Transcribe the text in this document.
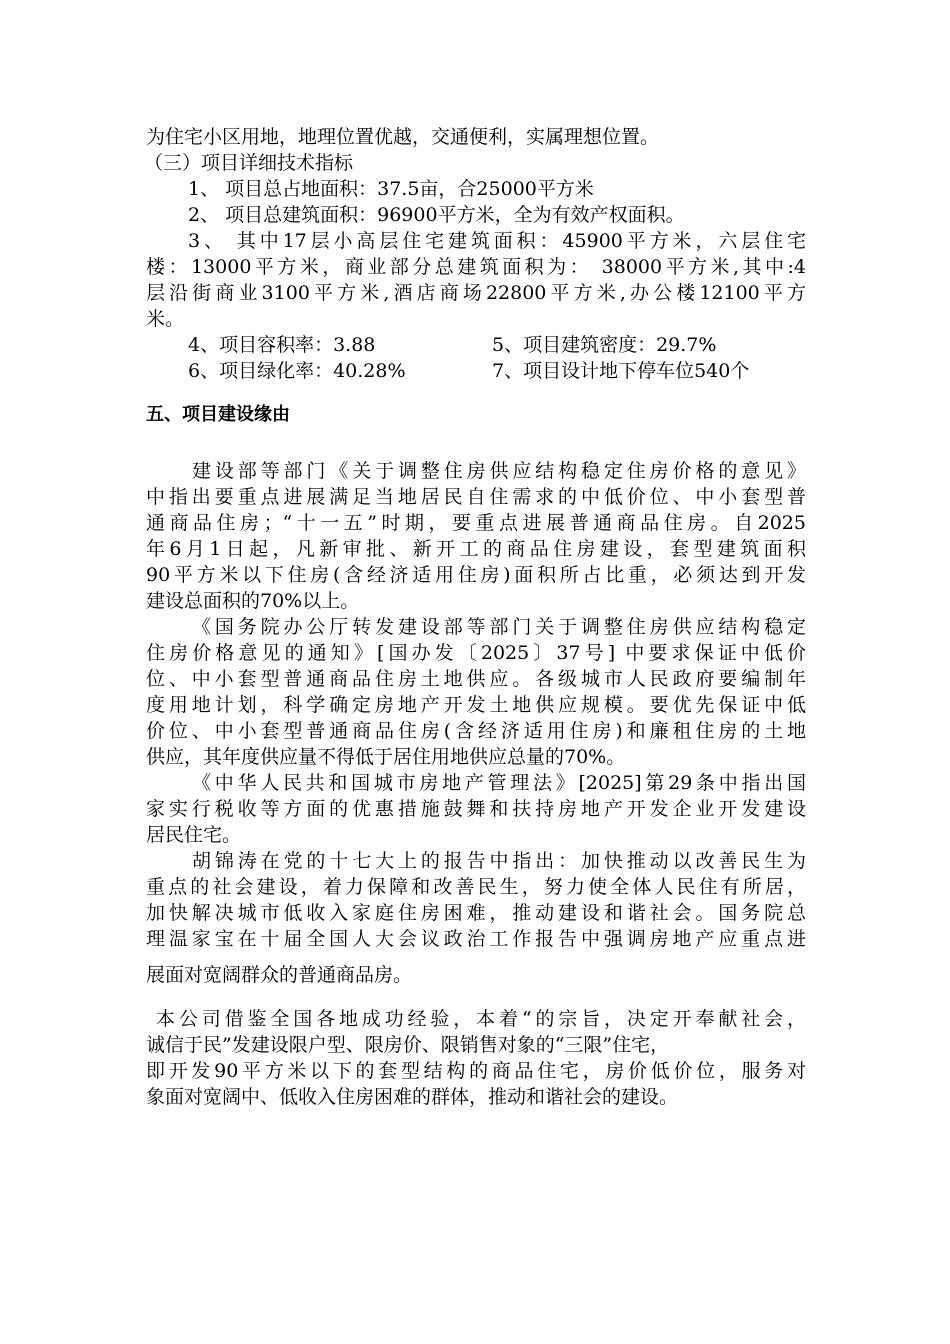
为住宅小区用地，地理位置优越，交通便利，实属理想位置。
（三）项目详细技术指标
1、 项目总占地面积：37.5亩，合25000平方米
2、 项目总建筑面积：96900平方米，全为有效产权面积。
3、 其中17层小高层住宅建筑面积：45900平方米，六层住宅
楼：13000平方米，商业部分总建筑面积为： 38000平方米,其中:4
层沿街商业3100平方米,酒店商场22800平方米,办公楼12100平方
米。
4、项目容积率：3.88	5、项目建筑密度：29.7%
6、项目绿化率：40.28%	7、项目设计地下停车位540个
五、项目建设缘由
建设部等部门《关于调整住房供应结构稳定住房价格的意见》
中指出要重点进展满足当地居民自住需求的中低价位、中小套型普
通商品住房；“十一五”时期，要重点进展普通商品住房。自2025
年6月1日起，凡新审批、新开工的商品住房建设，套型建筑面积
90平方米以下住房(含经济适用住房)面积所占比重，必须达到开发
建设总面积的70%以上。
《国务院办公厅转发建设部等部门关于调整住房供应结构稳定
住房价格意见的通知》[国办发〔2025〕37号] 中要求保证中低价
位、中小套型普通商品住房土地供应。各级城市人民政府要编制年
度用地计划，科学确定房地产开发土地供应规模。要优先保证中低
价位、中小套型普通商品住房(含经济适用住房)和廉租住房的土地
供应，其年度供应量不得低于居住用地供应总量的70%。
《中华人民共和国城市房地产管理法》[2025]第29条中指出国
家实行税收等方面的优惠措施鼓舞和扶持房地产开发企业开发建设
居民住宅。
胡锦涛在党的十七大上的报告中指出：加快推动以改善民生为
重点的社会建设，着力保障和改善民生，努力使全体人民住有所居，
加快解决城市低收入家庭住房困难，推动建设和谐社会。国务院总
理温家宝在十届全国人大会议政治工作报告中强调房地产应重点进
展面对宽阔群众的普通商品房。
本公司借鉴全国各地成功经验，本着“的宗旨，决定开奉献社会，
诚信于民”发建设限户型、限房价、限销售对象的“三限”住宅，
即开发90平方米以下的套型结构的商品住宅，房价低价位，服务对
象面对宽阔中、低收入住房困难的群体，推动和谐社会的建设。
